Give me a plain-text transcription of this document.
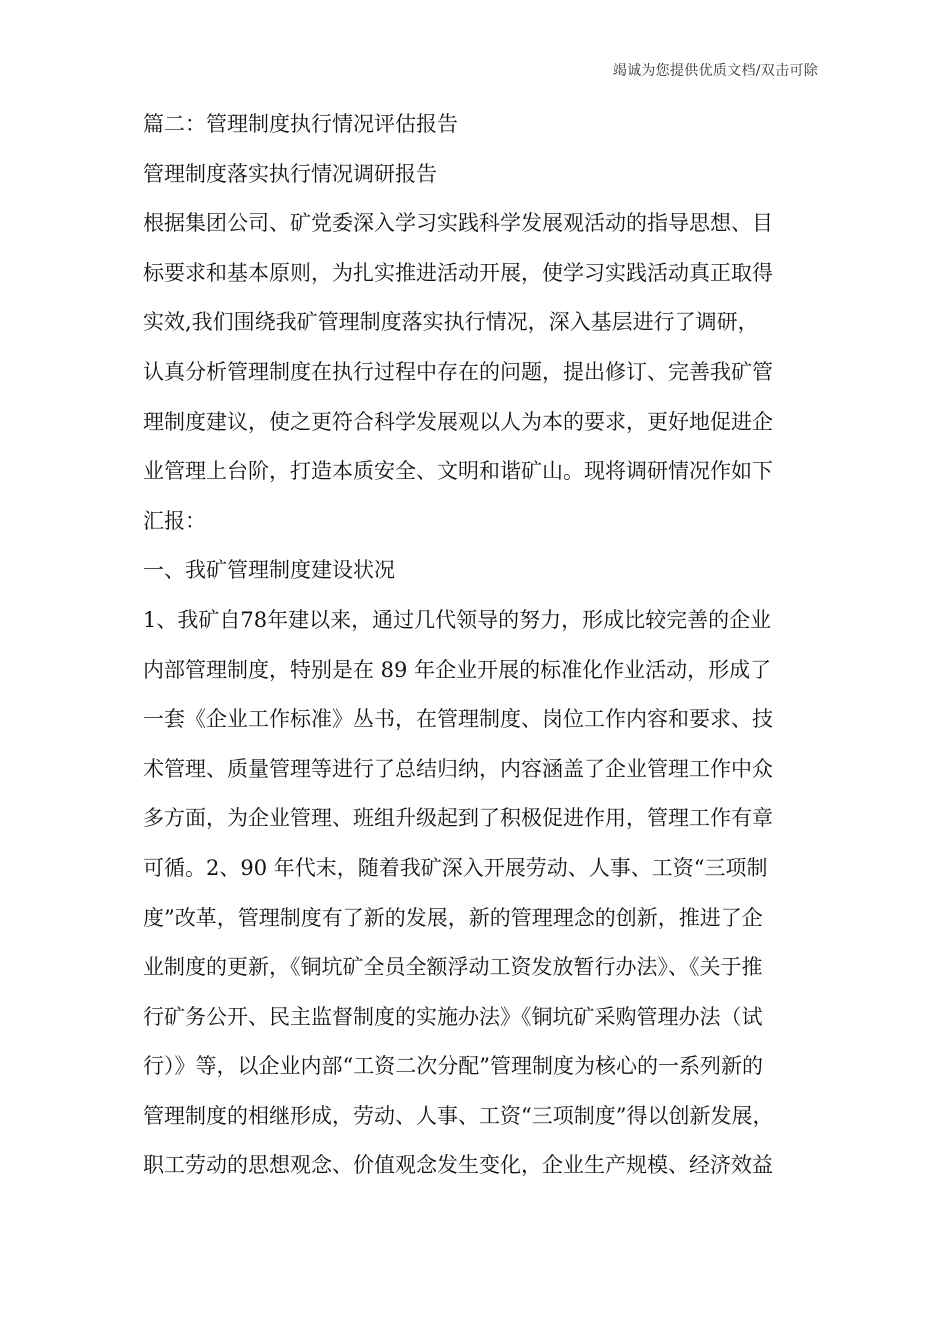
竭诚为您提供优质文档/双击可除

篇二：管理制度执行情况评估报告

管理制度落实执行情况调研报告

根据集团公司、矿党委深入学习实践科学发展观活动的指导思想、目

标要求和基本原则，为扎实推进活动开展，使学习实践活动真正取得

实效,我们围绕我矿管理制度落实执行情况，深入基层进行了调研，

认真分析管理制度在执行过程中存在的问题，提出修订、完善我矿管

理制度建议，使之更符合科学发展观以人为本的要求，更好地促进企

业管理上台阶，打造本质安全、文明和谐矿山。现将调研情况作如下

汇报：

一、我矿管理制度建设状况

1、我矿自78年建以来，通过几代领导的努力，形成比较完善的企业

内部管理制度，特别是在 89 年企业开展的标准化作业活动，形成了

一套《企业工作标准》丛书，在管理制度、岗位工作内容和要求、技

术管理、质量管理等进行了总结归纳，内容涵盖了企业管理工作中众

多方面，为企业管理、班组升级起到了积极促进作用，管理工作有章

可循。2、90 年代末，随着我矿深入开展劳动、人事、工资“三项制

度”改革，管理制度有了新的发展，新的管理理念的创新，推进了企

业制度的更新，《铜坑矿全员全额浮动工资发放暂行办法》、《关于推

行矿务公开、民主监督制度的实施办法》《铜坑矿采购管理办法（试

行）》等，以企业内部“工资二次分配”管理制度为核心的一系列新的

管理制度的相继形成，劳动、人事、工资“三项制度”得以创新发展，

职工劳动的思想观念、价值观念发生变化，企业生产规模、经济效益
